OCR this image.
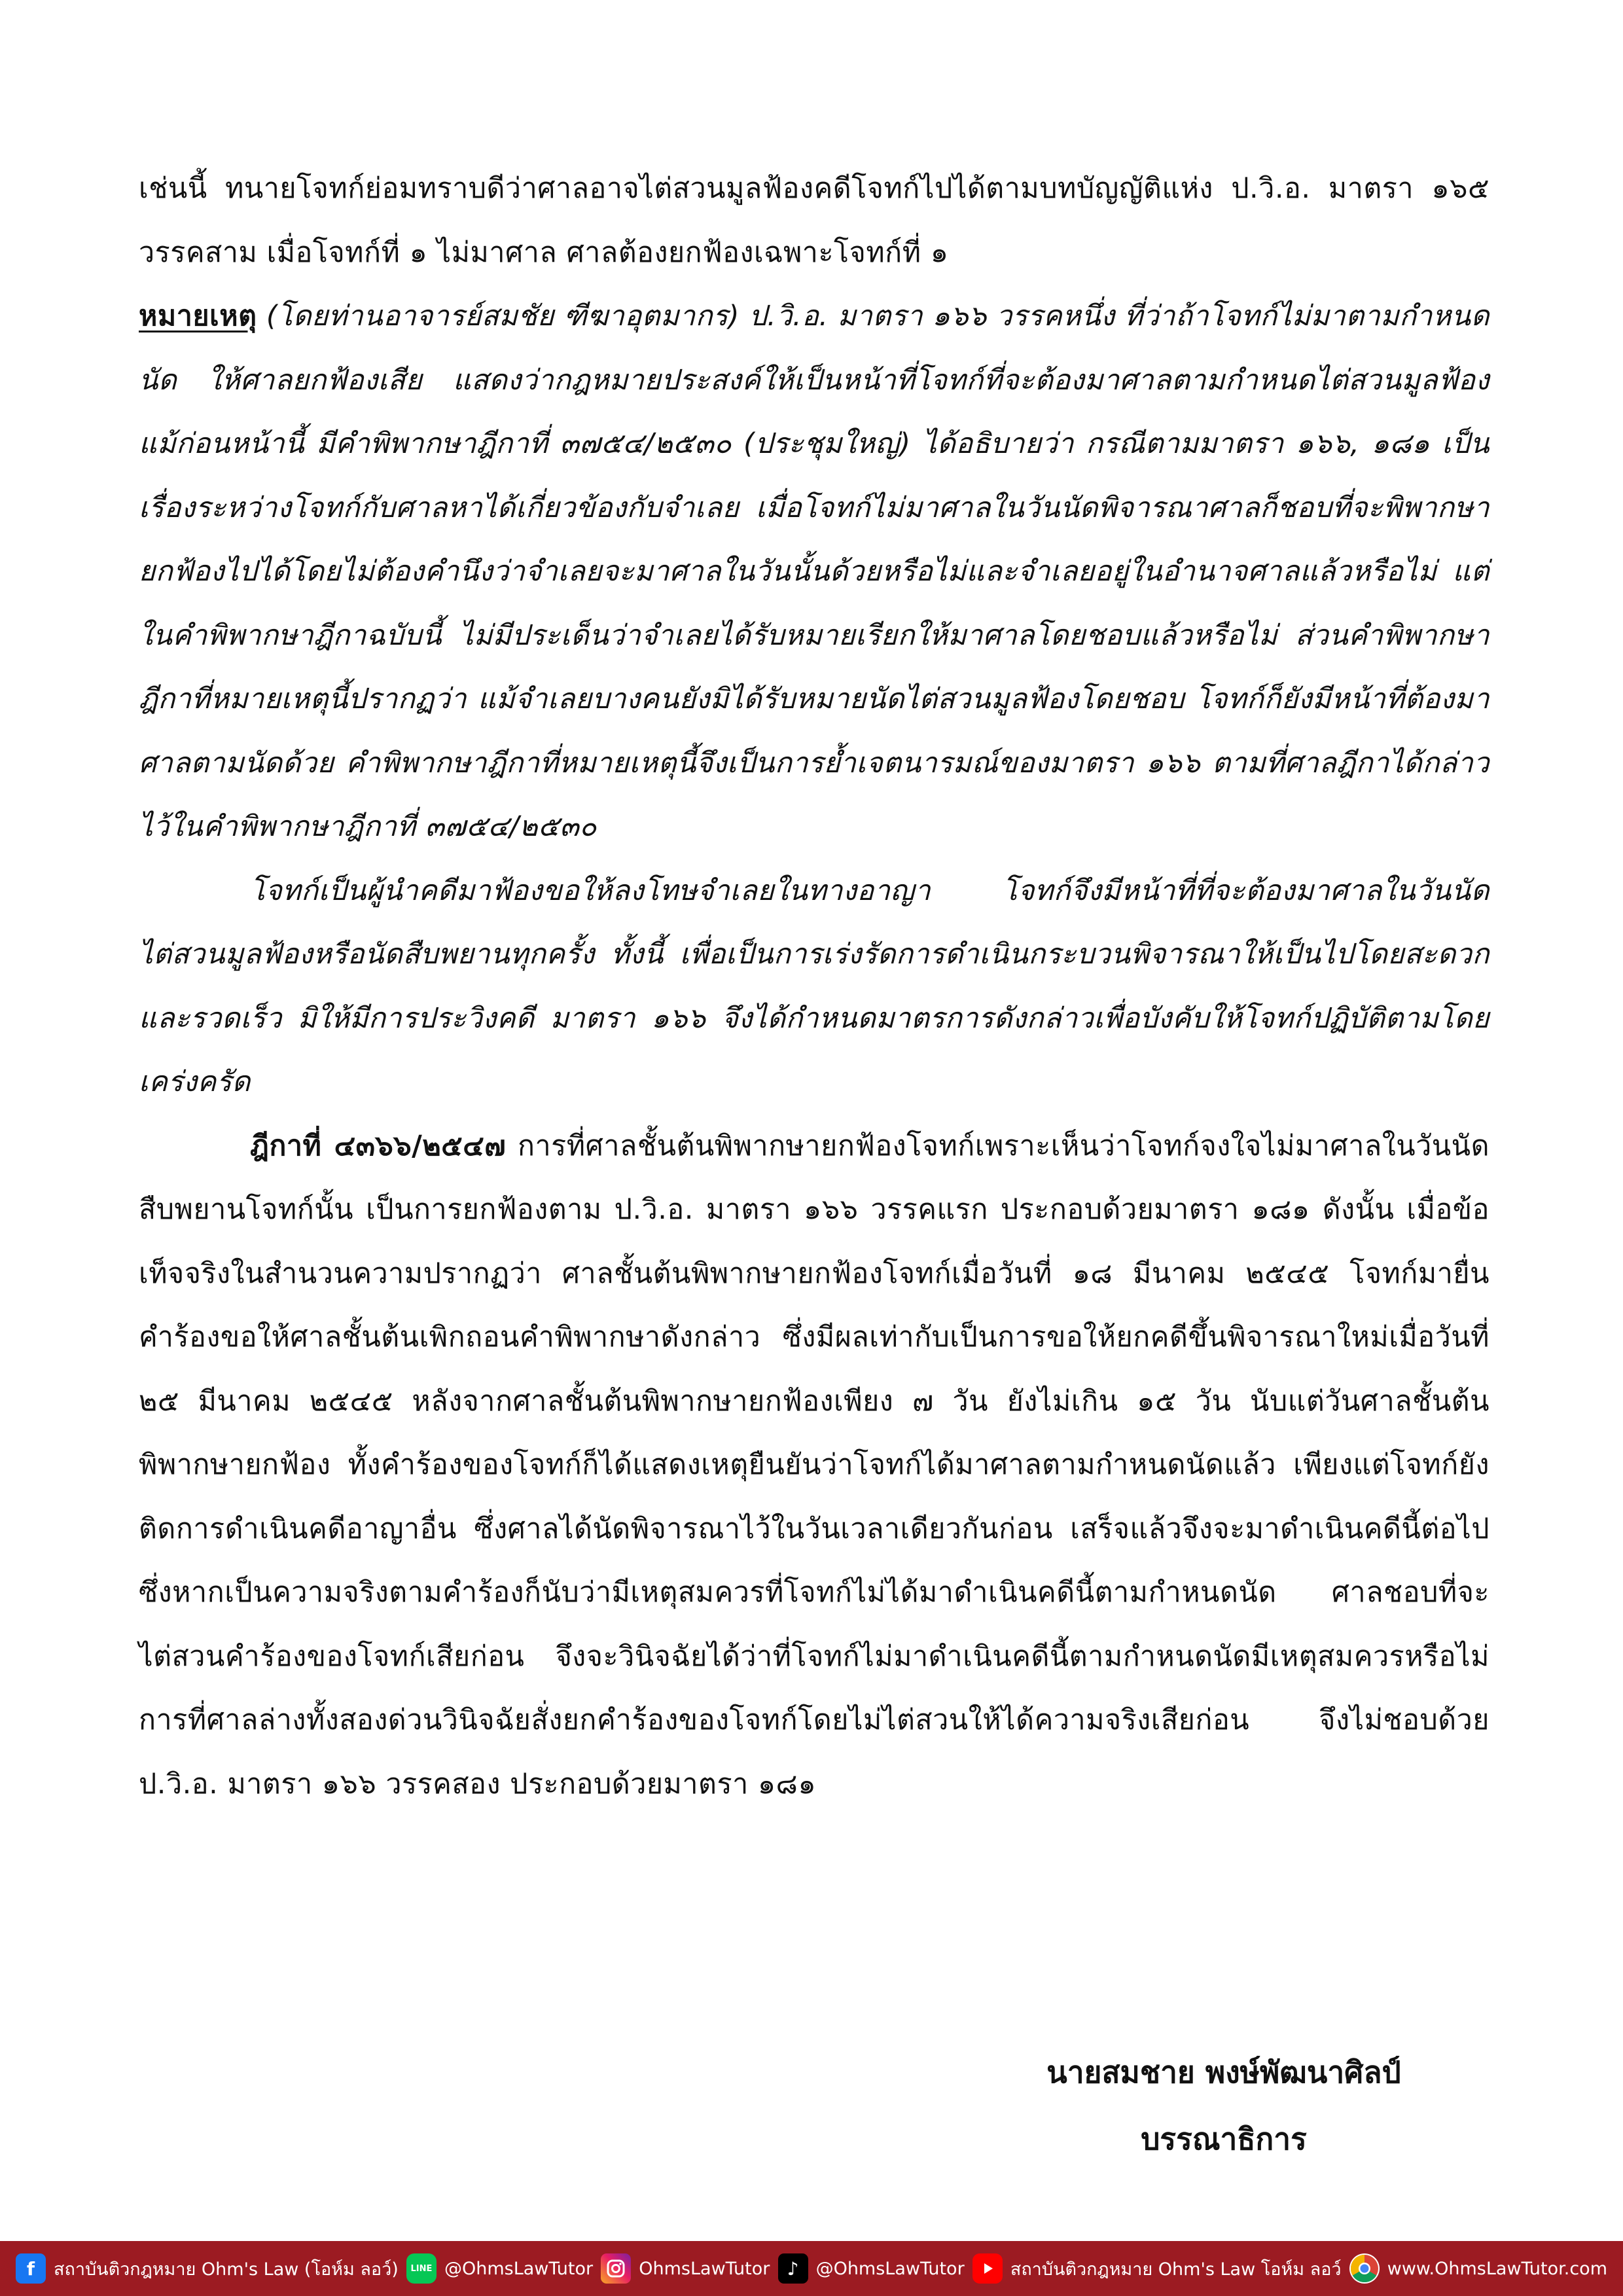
เช่นนี้ ทนายโจทก์ย่อมทราบดีว่าศาลอาจไต่สวนมูลฟ้องคดีโจทก์ไปได้ตามบทบัญญัติแห่ง ป.วิ.อ. มาตรา ๑๖๕ วรรคสาม เมื่อโจทก์ที่ ๑ ไม่มาศาล ศาลต้องยกฟ้องเฉพาะโจทก์ที่ ๑

หมายเหตุ (โดยท่านอาจารย์สมชัย ฑีฆาอุตมากร) ป.วิ.อ. มาตรา ๑๖๖ วรรคหนึ่ง ที่ว่าถ้าโจทก์ไม่มาตามกำหนดนัด ให้ศาลยกฟ้องเสีย แสดงว่ากฎหมายประสงค์ให้เป็นหน้าที่โจทก์ที่จะต้องมาศาลตามกำหนดไต่สวนมูลฟ้อง แม้ก่อนหน้านี้ มีคำพิพากษาฎีกาที่ ๓๗๕๔/๒๕๓๐ (ประชุมใหญ่) ได้อธิบายว่า กรณีตามมาตรา ๑๖๖, ๑๘๑ เป็นเรื่องระหว่างโจทก์กับศาลหาได้เกี่ยวข้องกับจำเลย เมื่อโจทก์ไม่มาศาลในวันนัดพิจารณาศาลก็ชอบที่จะพิพากษายกฟ้องไปได้โดยไม่ต้องคำนึงว่าจำเลยจะมาศาลในวันนั้นด้วยหรือไม่และจำเลยอยู่ในอำนาจศาลแล้วหรือไม่ แต่ในคำพิพากษาฎีกาฉบับนี้ ไม่มีประเด็นว่าจำเลยได้รับหมายเรียกให้มาศาลโดยชอบแล้วหรือไม่ ส่วนคำพิพากษาฎีกาที่หมายเหตุนี้ปรากฏว่า แม้จำเลยบางคนยังมิได้รับหมายนัดไต่สวนมูลฟ้องโดยชอบ โจทก์ก็ยังมีหน้าที่ต้องมาศาลตามนัดด้วย คำพิพากษาฎีกาที่หมายเหตุนี้จึงเป็นการย้ำเจตนารมณ์ของมาตรา ๑๖๖ ตามที่ศาลฎีกาได้กล่าวไว้ในคำพิพากษาฎีกาที่ ๓๗๕๔/๒๕๓๐

โจทก์เป็นผู้นำคดีมาฟ้องขอให้ลงโทษจำเลยในทางอาญา โจทก์จึงมีหน้าที่ที่จะต้องมาศาลในวันนัดไต่สวนมูลฟ้องหรือนัดสืบพยานทุกครั้ง ทั้งนี้ เพื่อเป็นการเร่งรัดการดำเนินกระบวนพิจารณาให้เป็นไปโดยสะดวกและรวดเร็ว มิให้มีการประวิงคดี มาตรา ๑๖๖ จึงได้กำหนดมาตรการดังกล่าวเพื่อบังคับให้โจทก์ปฏิบัติตามโดยเคร่งครัด

ฎีกาที่ ๔๓๖๖/๒๕๔๗ การที่ศาลชั้นต้นพิพากษายกฟ้องโจทก์เพราะเห็นว่าโจทก์จงใจไม่มาศาลในวันนัดสืบพยานโจทก์นั้น เป็นการยกฟ้องตาม ป.วิ.อ. มาตรา ๑๖๖ วรรคแรก ประกอบด้วยมาตรา ๑๘๑ ดังนั้น เมื่อข้อเท็จจริงในสำนวนความปรากฏว่า ศาลชั้นต้นพิพากษายกฟ้องโจทก์เมื่อวันที่ ๑๘ มีนาคม ๒๕๔๕ โจทก์มายื่นคำร้องขอให้ศาลชั้นต้นเพิกถอนคำพิพากษาดังกล่าว ซึ่งมีผลเท่ากับเป็นการขอให้ยกคดีขึ้นพิจารณาใหม่เมื่อวันที่ ๒๕ มีนาคม ๒๕๔๕ หลังจากศาลชั้นต้นพิพากษายกฟ้องเพียง ๗ วัน ยังไม่เกิน ๑๕ วัน นับแต่วันศาลชั้นต้น พิพากษายกฟ้อง ทั้งคำร้องของโจทก์ก็ได้แสดงเหตุยืนยันว่าโจทก์ได้มาศาลตามกำหนดนัดแล้ว เพียงแต่โจทก์ยังติดการดำเนินคดีอาญาอื่น ซึ่งศาลได้นัดพิจารณาไว้ในวันเวลาเดียวกันก่อน เสร็จแล้วจึงจะมาดำเนินคดีนี้ต่อไป ซึ่งหากเป็นความจริงตามคำร้องก็นับว่ามีเหตุสมควรที่โจทก์ไม่ได้มาดำเนินคดีนี้ตามกำหนดนัด ศาลชอบที่จะไต่สวนคำร้องของโจทก์เสียก่อน จึงจะวินิจฉัยได้ว่าที่โจทก์ไม่มาดำเนินคดีนี้ตามกำหนดนัดมีเหตุสมควรหรือไม่ การที่ศาลล่างทั้งสองด่วนวินิจฉัยสั่งยกคำร้องของโจทก์โดยไม่ไต่สวนให้ได้ความจริงเสียก่อน จึงไม่ชอบด้วย ป.วิ.อ. มาตรา ๑๖๖ วรรคสอง ประกอบด้วยมาตรา ๑๘๑

นายสมชาย พงษ์พัฒนาศิลป์
บรรณาธิการ
f	สถาบันติวกฎหมาย Ohm's Law (โอห์ม ลอว์)	LINE @OhmsLawTutor	OhmsLawTutor ♪ @OhmsLawTutor	สถาบันติวกฎหมาย Ohm's Law โอห์ม ลอว์	www.OhmsLawTutor.com
